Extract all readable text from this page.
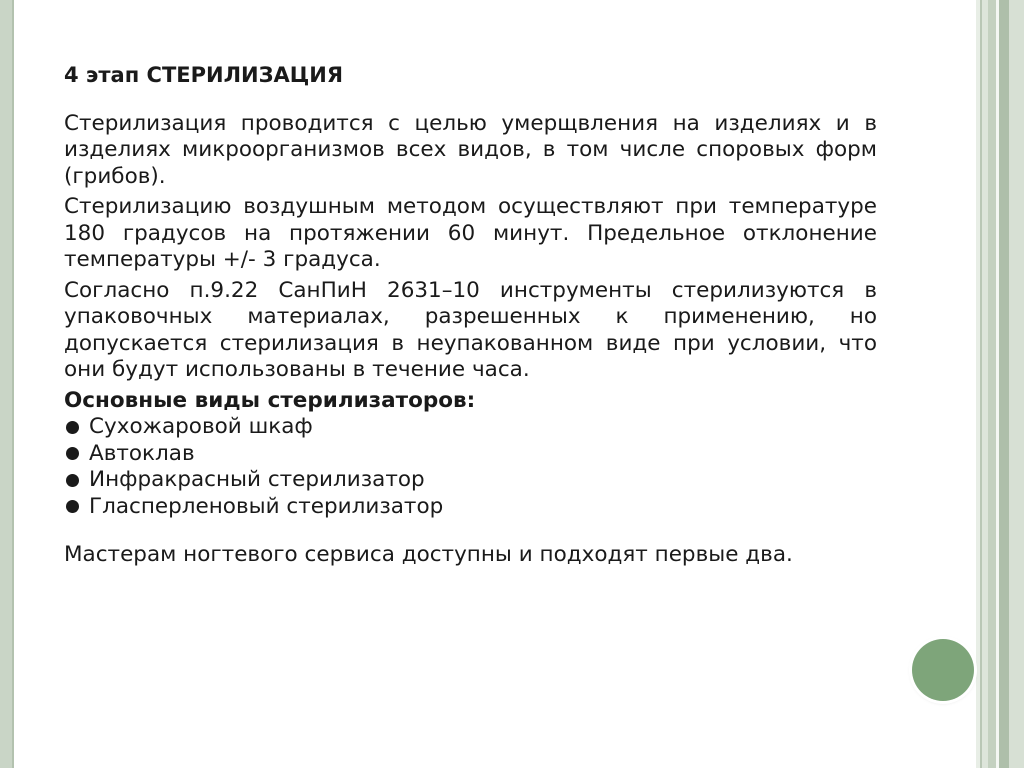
4 этап СТЕРИЛИЗАЦИЯ

Стерилизация проводится с целью умерщвления на изделиях и в изделиях микроорганизмов всех видов, в том числе споровых форм (грибов).

Стерилизацию воздушным методом осуществляют при температуре 180 градусов на протяжении 60 минут. Предельное отклонение температуры +/- 3 градуса.

Согласно п.9.22 СанПиН 2631–10 инструменты стерилизуются в упаковочных материалах, разрешенных к применению, но допускается стерилизация в неупакованном виде при условии, что они будут использованы в течение часа.

Основные виды стерилизаторов:

Сухожаровой шкаф
Автоклав
Инфракрасный стерилизатор
Гласперленовый стерилизатор

Мастерам ногтевого сервиса доступны и подходят первые два.
